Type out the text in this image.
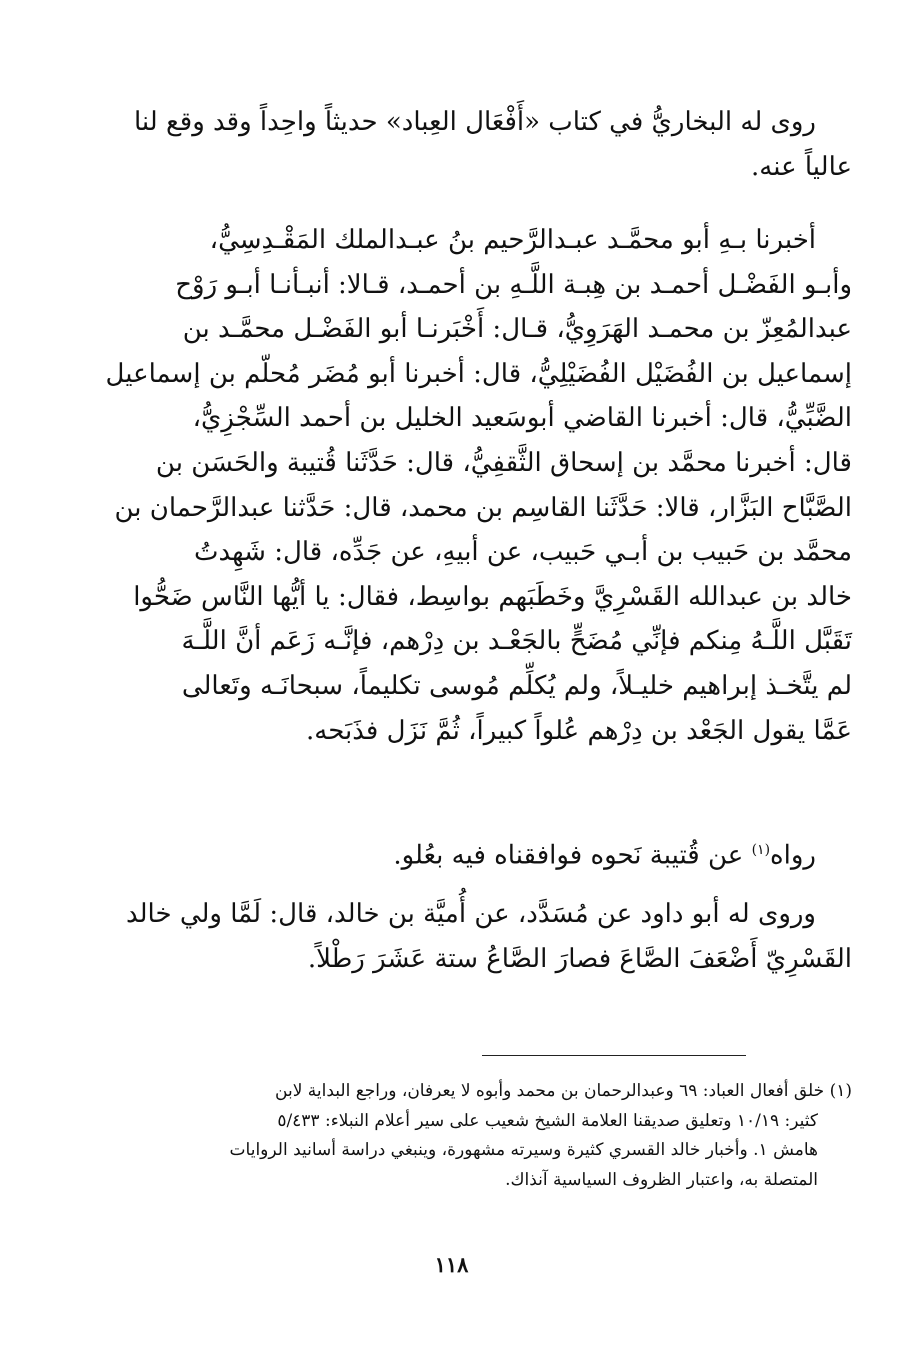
روى له البخاريُّ في كتاب «أَفْعَال العِباد» حديثاً واحِداً وقد وقع لنا
عالياً عنه.
أخبرنا بـهِ أبو محمَّـد عبـدالرَّحيم بنُ عبـدالملك المَقْـدِسِيُّ،
وأبـو الفَضْـل أحمـد بن هِبـة اللَّـهِ بن أحمـد، قـالا: أنبـأنـا أبـو رَوْح
عبدالمُعِزّ بن محمـد الهَرَوِيُّ، قـال: أَخْبَرنـا أبو الفَضْـل محمَّـد بن
إسماعيل بن الفُضَيْل الفُضَيْلِيُّ، قال: أخبرنا أبو مُضَر مُحلّم بن إسماعيل
الضَّبِّيُّ، قال: أخبرنا القاضي أبوسَعيد الخليل بن أحمد السِّجْزِيُّ،
قال: أخبرنا محمَّد بن إسحاق الثَّقفِيُّ، قال: حَدَّثَنا قُتيبة والحَسَن بن
الصَّبَّاح البَزَّار، قالا: حَدَّثَنا القاسِم بن محمد، قال: حَدَّثنا عبدالرَّحمان بن
محمَّد بن حَبيب بن أبـي حَبيب، عن أبيهِ، عن جَدِّه، قال: شَهِدتُ
خالد بن عبدالله القَسْرِيَّ وخَطَبَهم بواسِط، فقال: يا أيُّها النَّاس ضَحُّوا
تَقَبَّل اللَّـهُ مِنكم فإنِّي مُضَحٍّ بالجَعْـد بن دِرْهم، فإنَّـه زَعَم أنَّ اللَّـهَ
لم يتَّخـذ إبراهيم خليـلاً، ولم يُكلِّم مُوسى تكليماً، سبحانَـه وتَعالى
عَمَّا يقول الجَعْد بن دِرْهم عُلواً كبيراً، ثُمَّ نَزَل فذَبَحه.
رواه$^{(١)}$ عن قُتيبة نَحوه فوافقناه فيه بعُلو.
وروى له أبو داود عن مُسَدَّد، عن أُميَّة بن خالد، قال: لَمَّا ولي خالد
القَسْرِيّ أَضْعَفَ الصَّاعَ فصارَ الصَّاعُ ستة عَشَرَ رَطْلاً.
(١) خلق أفعال العباد: ٦٩ وعبدالرحمان بن محمد وأبوه لا يعرفان، وراجع البداية لابن
كثير: ١٠/١٩ وتعليق صديقنا العلامة الشيخ شعيب على سير أعلام النبلاء: ٥/٤٣٣
هامش ١. وأخبار خالد القسري كثيرة وسيرته مشهورة، وينبغي دراسة أسانيد الروايات
المتصلة به، واعتبار الظروف السياسية آنذاك.
١١٨
